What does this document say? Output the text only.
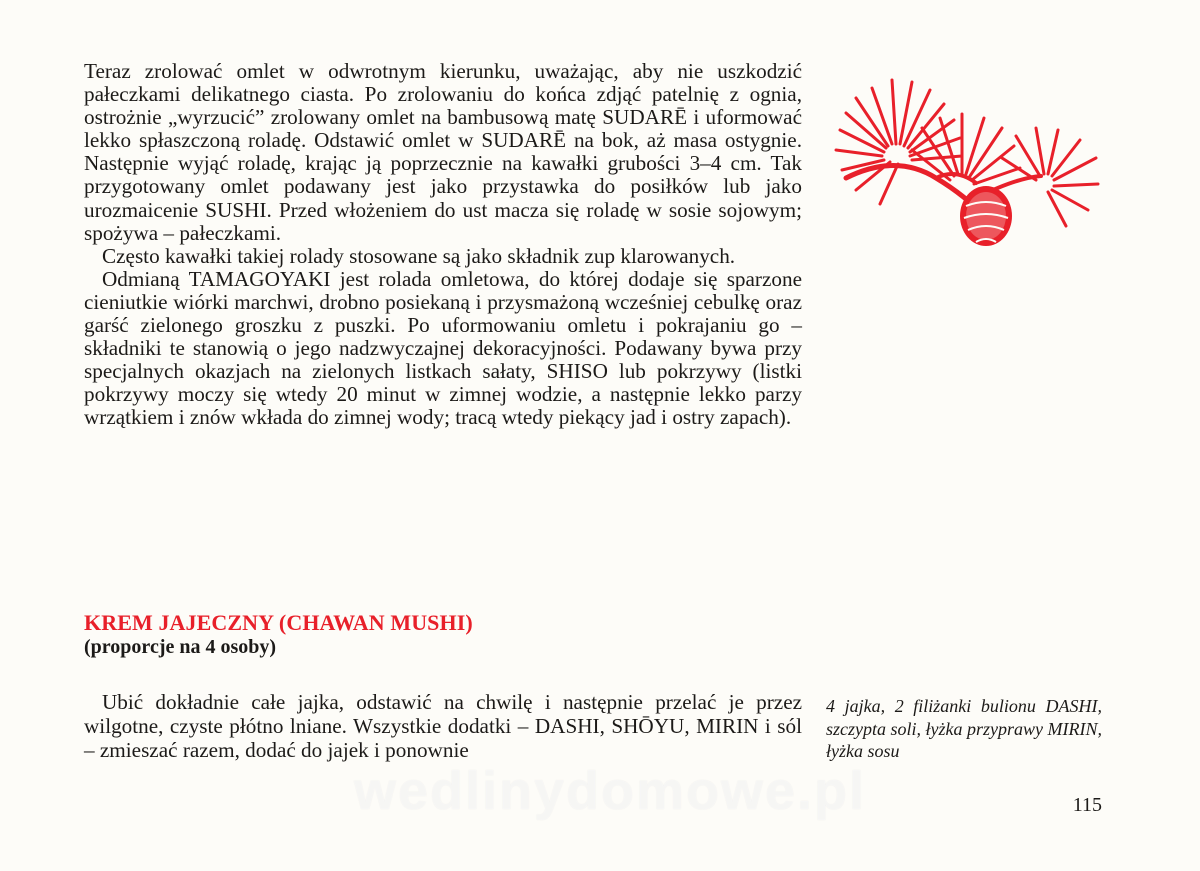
Teraz zrolować omlet w odwrotnym kierunku, uważając, aby nie uszkodzić pałeczkami delikatnego ciasta. Po zrolowaniu do końca zdjąć patelnię z ognia, ostrożnie „wyrzucić” zrolowany omlet na bambusową matę SUDARĒ i uformować lekko spłaszczoną roladę. Odstawić omlet w SUDARĒ na bok, aż masa ostygnie. Następnie wyjąć roladę, krając ją poprzecznie na kawałki grubości 3–4 cm. Tak przygotowany omlet podawany jest jako przystawka do posiłków lub jako urozmaicenie SUSHI. Przed włożeniem do ust macza się roladę w sosie sojowym; spożywa – pałeczkami.

Często kawałki takiej rolady stosowane są jako składnik zup klarowanych.

Odmianą TAMAGOYAKI jest rolada omletowa, do której dodaje się sparzone cieniutkie wiórki marchwi, drobno posiekaną i przysmażoną wcześniej cebulkę oraz garść zielonego groszku z puszki. Po uformowaniu omletu i pokrajaniu go – składniki te stanowią o jego nadzwyczajnej dekoracyjności. Podawany bywa przy specjalnych okazjach na zielonych listkach sałaty, SHISO lub pokrzywy (listki pokrzywy moczy się wtedy 20 minut w zimnej wodzie, a następnie lekko parzy wrzątkiem i znów wkłada do zimnej wody; tracą wtedy piekący jad i ostry zapach).

KREM JAJECZNY (CHAWAN MUSHI)
(proporcje na 4 osoby)

Ubić dokładnie całe jajka, odstawić na chwilę i następnie przelać je przez wilgotne, czyste płótno lniane. Wszystkie dodatki – DASHI, SHŌYU, MIRIN i sól – zmieszać razem, dodać do jajek i ponownie

4 jajka, 2 filiżanki bulionu DASHI, szczypta soli, łyżka przyprawy MIRIN, łyżka sosu

wedlinydomowe.pl	115
